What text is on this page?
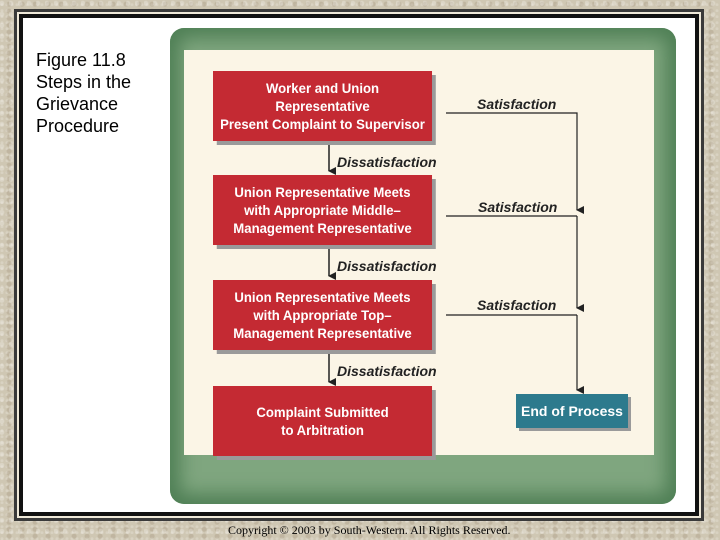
Figure 11.8
Steps in the
Grievance
Procedure
Worker and Union Representative
Present Complaint to Supervisor
Union Representative Meets
with Appropriate Middle–
Management Representative
Union Representative Meets
with Appropriate Top–
Management Representative
Complaint Submitted
to Arbitration
End of Process
Satisfaction
Satisfaction
Satisfaction
Dissatisfaction
Dissatisfaction
Dissatisfaction
Copyright © 2003 by South-Western. All Rights Reserved.
